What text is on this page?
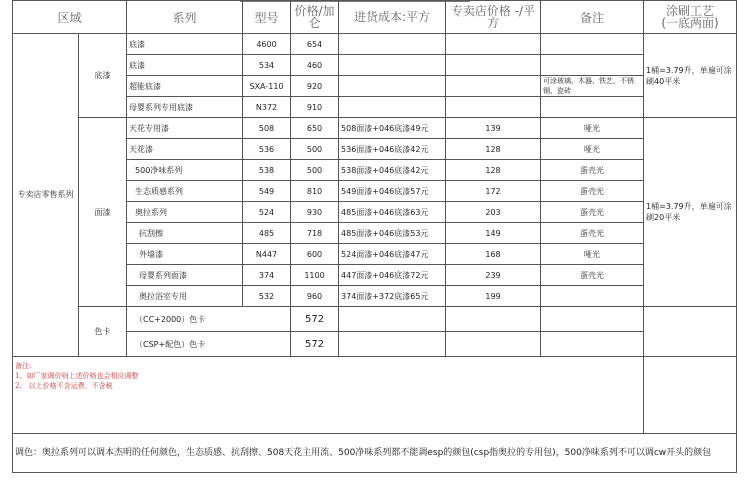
区域		系列	型号	价格/加仑	进货成本:平方	专卖店价格 -/平方	备注	涂刷工艺
(一底两面)

专卖店零售系列	底漆	底漆	4600	654				1桶=3.79升，单遍可涂刷40平米
		底漆	534	460				
		超能底漆	SXA-110	920			可涂玻璃、木器、铁艺，不锈钢、瓷砖	
		母婴系列专用底漆	N372	910				
	面漆	天花专用漆	508	650	508面漆+046底漆49元	139	哑光	1桶=3.79升，单遍可涂刷20平米
		天花漆	536	500	536面漆+046底漆42元	128	哑光	
		500净味系列	538	500	538面漆+046底漆42元	128	蛋壳光	
		生态质感系列	549	810	549面漆+046底漆57元	172	蛋壳光	
		奥拉系列	524	930	485面漆+046底漆63元	203	蛋壳光	
		抗刮擦	485	718	485面漆+046底漆53元	149	蛋壳光	
		外墙漆	N447	600	524面漆+046底漆47元	168	哑光	
		母婴系列面漆	374	1100	447面漆+046底漆72元	239	蛋壳光	
		奥拉浴室专用	532	960	374面漆+372底漆65元	199		
	色卡	（CC+2000）色卡		572				
		（CSP+配色）色卡		572				

备注:
1、如厂家调价则上述价格也会相应调整
2、 以上价格不含运费、不含税								

调色：奥拉系列可以调本杰明的任何颜色，生态质感、抗刮擦、508天花主用流、500净味系列都不能调esp的颜包(csp指奥拉的专用包)，500净味系列不可以调cw开头的颜包								
